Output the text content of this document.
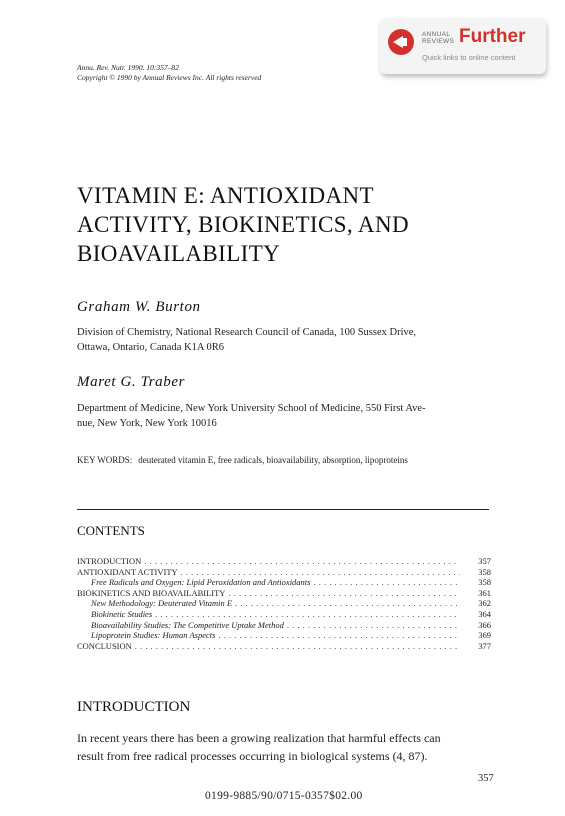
ANNUAL
REVIEWS Further
Quick links to online content
Annu. Rev. Nutr. 1990. 10:357–82
Copyright © 1990 by Annual Reviews Inc. All rights reserved
VITAMIN E: ANTIOXIDANT
ACTIVITY, BIOKINETICS, AND
BIOAVAILABILITY
Graham W. Burton
Division of Chemistry, National Research Council of Canada, 100 Sussex Drive,
Ottawa, Ontario, Canada K1A 0R6
Maret G. Traber
Department of Medicine, New York University School of Medicine, 550 First Ave-
nue, New York, New York 10016
KEY WORDS: deuterated vitamin E, free radicals, bioavailability, absorption, lipoproteins
CONTENTS
INTRODUCTION . . .	357
ANTIOXIDANT ACTIVITY . . .	358
Free Radicals and Oxygen: Lipid Peroxidation and Antioxidants . . .	358
BIOKINETICS AND BIOAVAILABILITY . . .	361
New Methodology: Deuterated Vitamin E . . .	362
Biokinetic Studies . . .	364
Bioavailability Studies: The Competitive Uptake Method . . .	366
Lipoprotein Studies: Human Aspects . . .	369
CONCLUSION . . .	377
INTRODUCTION
In recent years there has been a growing realization that harmful effects can
result from free radical processes occurring in biological systems (4, 87).
357
0199-9885/90/0715-0357$02.00
